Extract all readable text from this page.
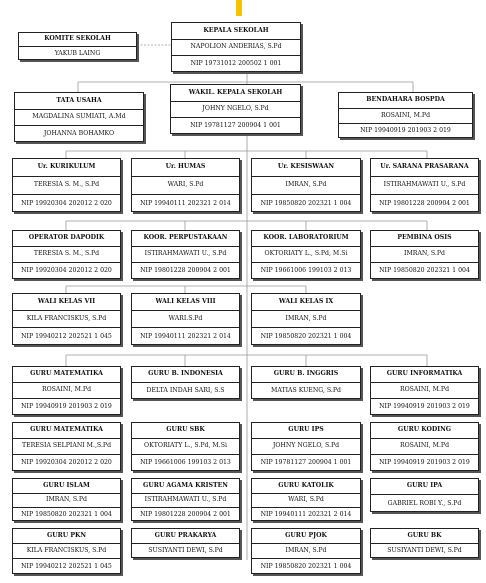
KOMITE SEKOLAH
YAKUB LAING
KEPALA SEKOLAH
NAPOLION ANDERIAS, S.Pd
NIP 19731012 200502 1 001
TATA USAHA
MAGDALINA SUMIATI, A.Md
JOHANNA BOHAMKO
WAKIL. KEPALA SEKOLAH
JOHNY NGELO, S.Pd
NIP 19781127 200904 1 001
BENDAHARA BOSPDA
ROSAINI, M.Pd
NIP 19940919 201903 2 019
Ur. KURIKULUM
TERESIA S. M., S.Pd
NIP 19920304 202012 2 020
Ur. HUMAS
WARI, S.Pd
NIP 19940111 202321 2 014
Ur. KESISWAAN
IMRAN, S.Pd
NIP 19850820 202321 1 004
Ur. SARANA PRASARANA
ISTIRAHMAWATI U., S.Pd
NIP 19801228 200904 2 001
OPERATOR DAPODIK
TERESIA S. M., S.Pd
NIP 19920304 202012 2 020
KOOR. PERPUSTAKAAN
ISTIRAHMAWATI U., S.Pd
NIP 19801228 200904 2 001
KOOR. LABORATORIUM
OKTORIATY L., S.Pd, M.Si
NIP 19661006 199103 2 013
PEMBINA OSIS
IMRAN, S.Pd
NIP 19850820 202321 1 004
WALI KELAS VII
KILA FRANCISKUS, S.Pd
NIP 19940212 202521 1 045
WALI KELAS VIII
WARI.S.Pd
NIP 19940111 202321 2 014
WALI KELAS IX
IMRAN, S.Pd
NIP 19850820 202321 1 004
GURU MATEMATIKA
ROSAINI, M.Pd
NIP 19940919 201903 2 019
GURU B. INDONESIA
DELTA INDAH SARI, S.S
GURU B. INGGRIS
MATIAS KUENG, S.Pd
GURU INFORMATIKA
ROSAINI, M.Pd
NIP 19940919 201903 2 019
GURU MATEMATIKA
TERESIA SELPIANI M.,S.Pd
NIP 19920304 202012 2 020
GURU SBK
OKTORIATY L., S.Pd, M.Si
NIP 19661006 199103 2 013
GURU IPS
JOHNY NGELO, S.Pd
NIP 19781127 200904 1 001
GURU KODING
ROSAINI, M.Pd
NIP 19940919 201903 2 019
GURU ISLAM
IMRAN, S.Pd
NIP 19850820 202321 1 004
GURU AGAMA KRISTEN
ISTIRAHMAWATI U., S.Pd
NIP 19801228 200904 2 001
GURU KATOLIK
WARI, S.Pd
NIP 19940111 202321 2 014
GURU IPA
GABRIEL ROBI Y., S.Pd
GURU PKN
KILA FRANCISKUS, S.Pd
NIP 19940212 202521 1 045
GURU PRAKARYA
SUSIYANTI DEWI, S.Pd
GURU PJOK
IMRAN, S.Pd
NIP 19850820 202321 1 004
GURU BK
SUSIYANTI DEWI, S.Pd
